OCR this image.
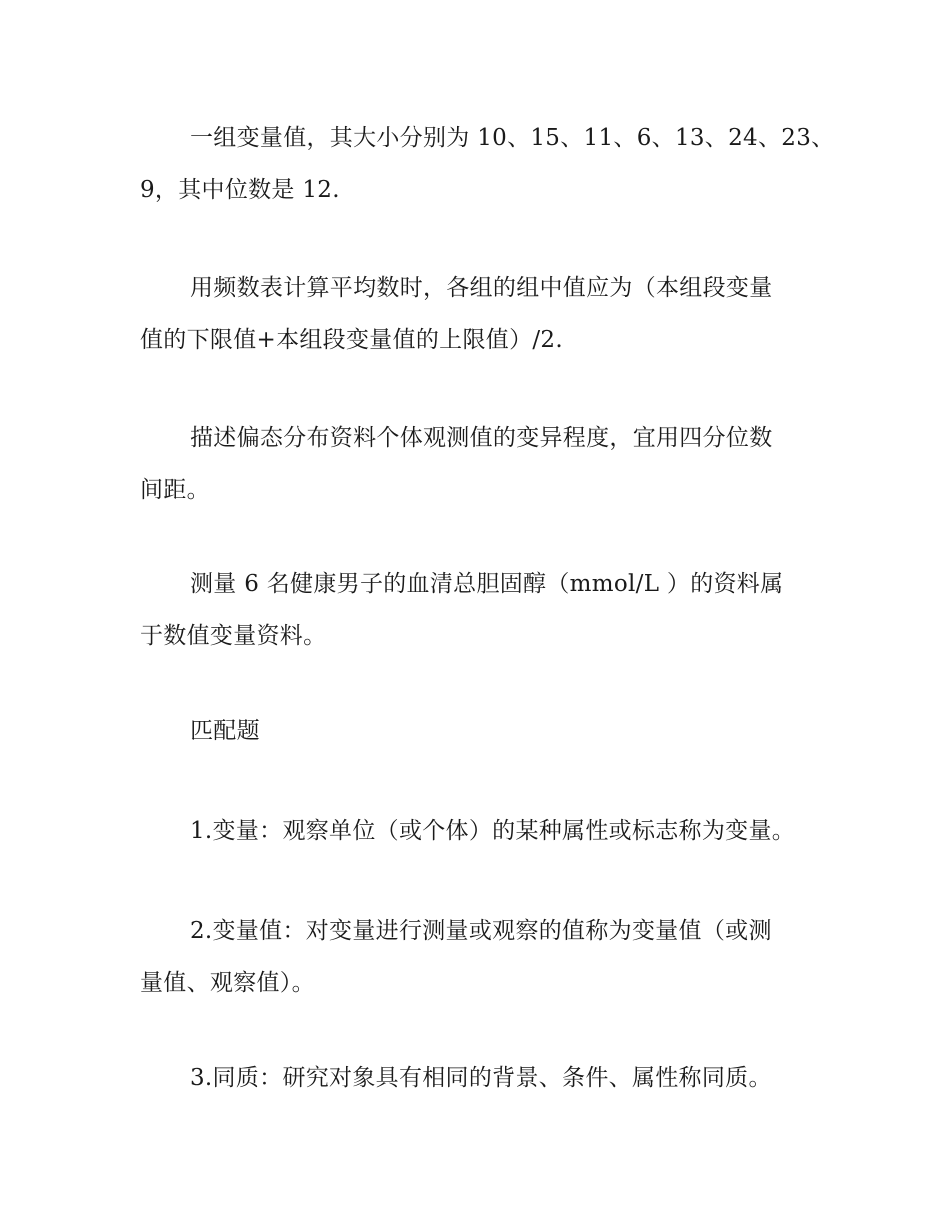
一组变量值，其大小分别为 10、15、11、6、13、24、23、
9，其中位数是 12.

用频数表计算平均数时，各组的组中值应为（本组段变量
值的下限值+本组段变量值的上限值）/2.

描述偏态分布资料个体观测值的变异程度，宜用四分位数
间距。

测量 6 名健康男子的血清总胆固醇（mmol/L ）的资料属
于数值变量资料。

匹配题

1.变量：观察单位（或个体）的某种属性或标志称为变量。

2.变量值：对变量进行测量或观察的值称为变量值（或测
量值、观察值）。

3.同质：研究对象具有相同的背景、条件、属性称同质。
